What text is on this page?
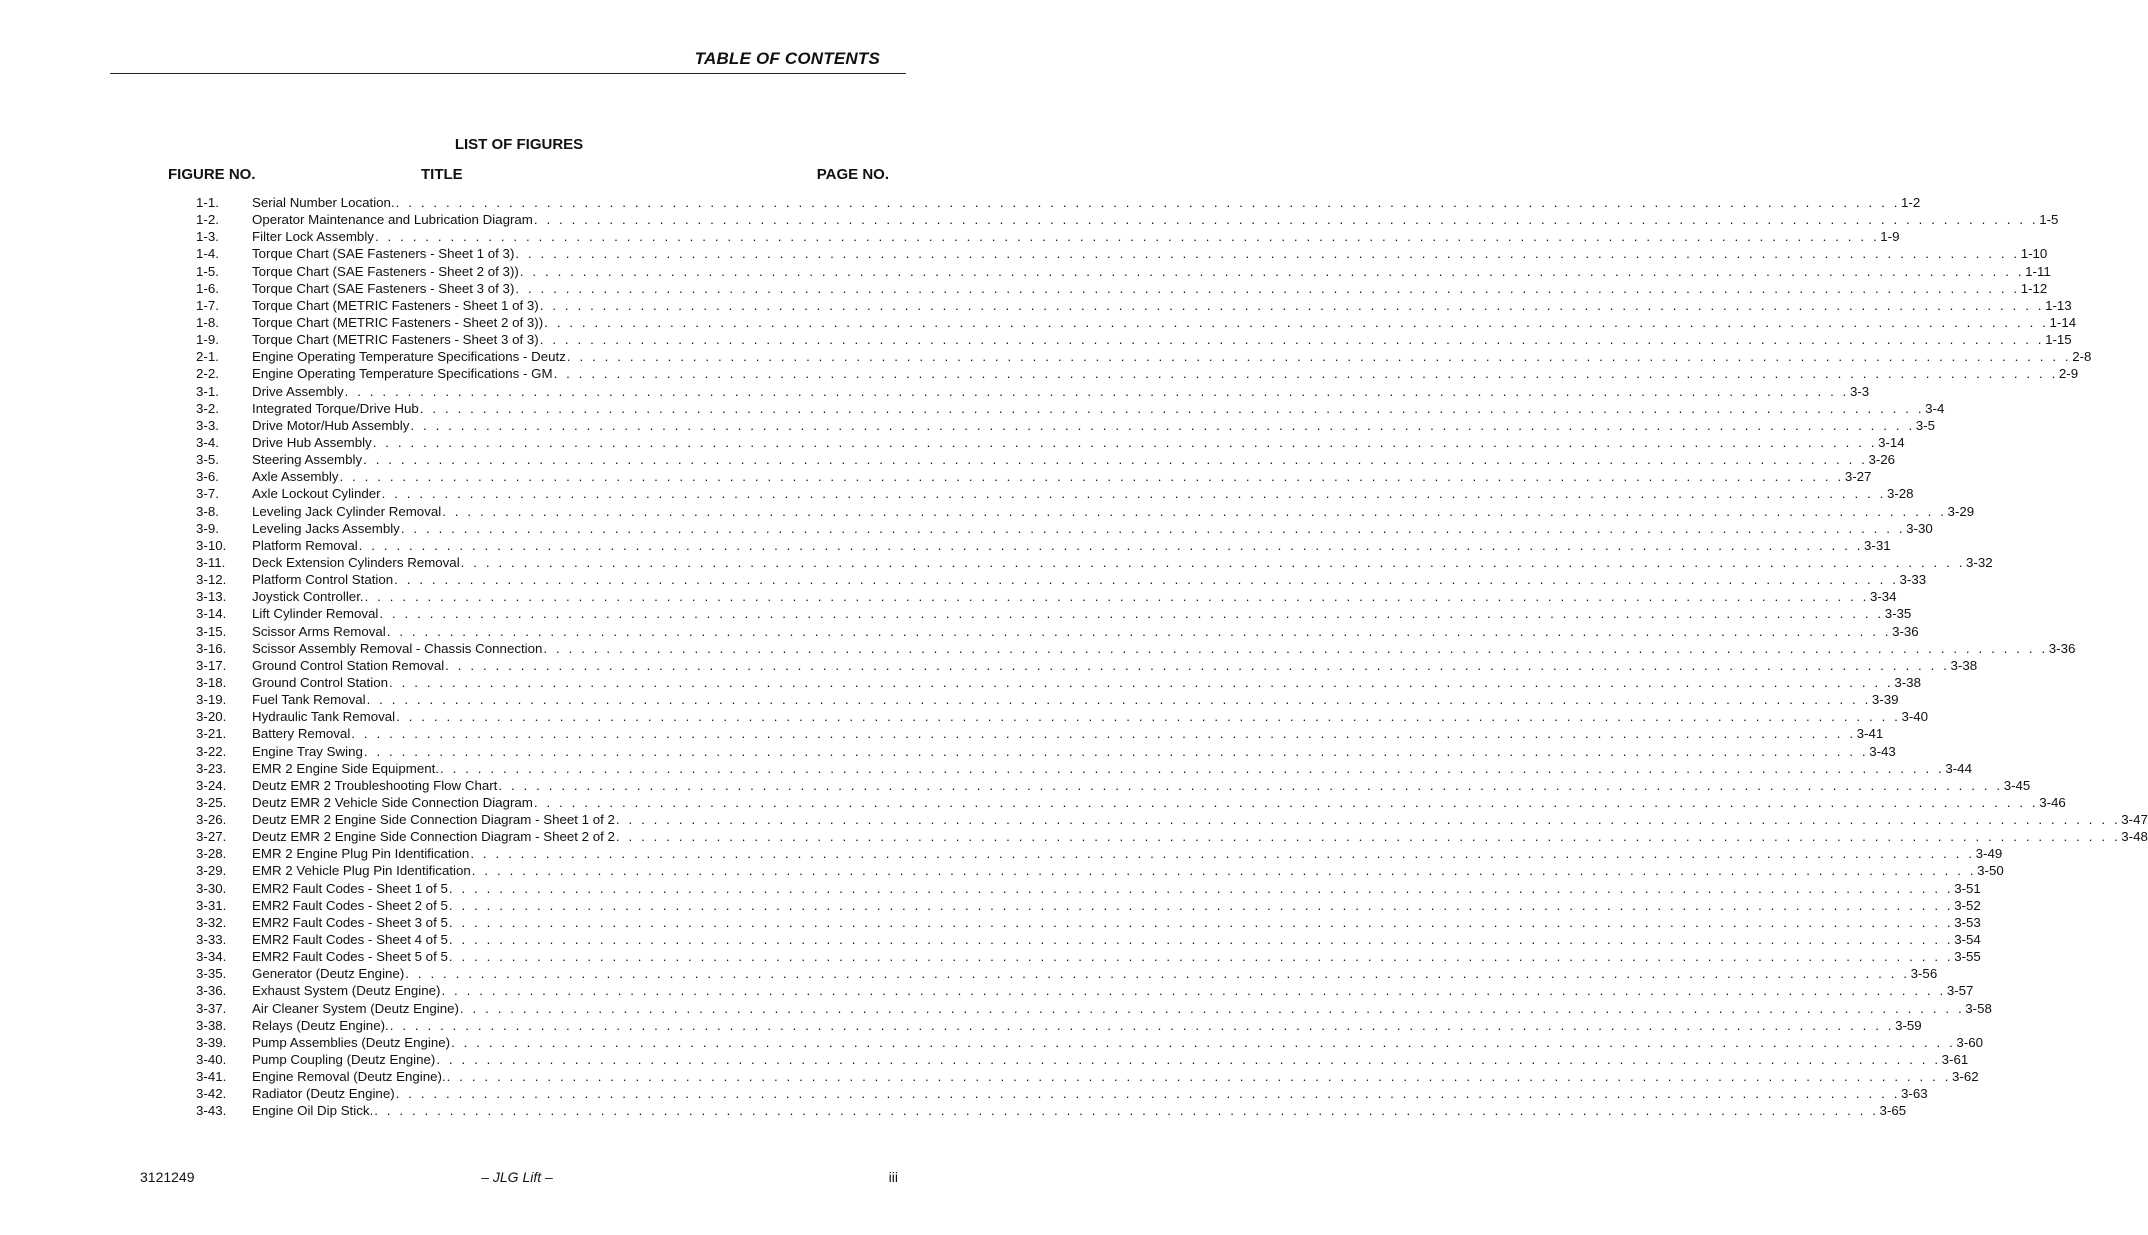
TABLE OF CONTENTS
LIST OF FIGURES
FIGURE NO.	TITLE	PAGE NO.
1-1.	Serial Number Location. . . . . . . . . . . . . . . . . . . . . . . . . . . . . . . . . . . . . . . . . . . . . . . . . . . . . . . . . . . . . . . . . . . . . . . . . . . . . . . . . . . . . . . . . . . . . . . . . . . . . . . . . . . . . . . . . . . . . . . . . 1-2
1-2.	Operator Maintenance and Lubrication Diagram . . . . . . . . . . . . . . . . . . . . . . . . . . . . . . . . . . . . . . . . . . . . . . . . . . . . . . . . . . . . . . . . . . . . . . . . . . . . . . . . . . . . . . . . . . . . . . . . . . . . . . . . . . . . . . . . . . . . . . . . 1-5
1-3.	Filter Lock Assembly . . . . . . . . . . . . . . . . . . . . . . . . . . . . . . . . . . . . . . . . . . . . . . . . . . . . . . . . . . . . . . . . . . . . . . . . . . . . . . . . . . . . . . . . . . . . . . . . . . . . . . . . . . . . . . . . . . . . . . . . 1-9
1-4.	Torque Chart (SAE Fasteners - Sheet 1 of 3) . . . . . . . . . . . . . . . . . . . . . . . . . . . . . . . . . . . . . . . . . . . . . . . . . . . . . . . . . . . . . . . . . . . . . . . . . . . . . . . . . . . . . . . . . . . . . . . . . . . . . . . . . . . . . . . . . . . . . . . . 1-10
1-5.	Torque Chart (SAE Fasteners - Sheet 2 of 3)) . . . . . . . . . . . . . . . . . . . . . . . . . . . . . . . . . . . . . . . . . . . . . . . . . . . . . . . . . . . . . . . . . . . . . . . . . . . . . . . . . . . . . . . . . . . . . . . . . . . . . . . . . . . . . . . . . . . . . . . . 1-11
1-6.	Torque Chart (SAE Fasteners - Sheet 3 of 3) . . . . . . . . . . . . . . . . . . . . . . . . . . . . . . . . . . . . . . . . . . . . . . . . . . . . . . . . . . . . . . . . . . . . . . . . . . . . . . . . . . . . . . . . . . . . . . . . . . . . . . . . . . . . . . . . . . . . . . . . 1-12
1-7.	Torque Chart (METRIC Fasteners - Sheet 1 of 3) . . . . . . . . . . . . . . . . . . . . . . . . . . . . . . . . . . . . . . . . . . . . . . . . . . . . . . . . . . . . . . . . . . . . . . . . . . . . . . . . . . . . . . . . . . . . . . . . . . . . . . . . . . . . . . . . . . . . . . . . 1-13
1-8.	Torque Chart (METRIC Fasteners - Sheet 2 of 3)) . . . . . . . . . . . . . . . . . . . . . . . . . . . . . . . . . . . . . . . . . . . . . . . . . . . . . . . . . . . . . . . . . . . . . . . . . . . . . . . . . . . . . . . . . . . . . . . . . . . . . . . . . . . . . . . . . . . . . . . . 1-14
1-9.	Torque Chart (METRIC Fasteners - Sheet 3 of 3) . . . . . . . . . . . . . . . . . . . . . . . . . . . . . . . . . . . . . . . . . . . . . . . . . . . . . . . . . . . . . . . . . . . . . . . . . . . . . . . . . . . . . . . . . . . . . . . . . . . . . . . . . . . . . . . . . . . . . . . . 1-15
2-1.	Engine Operating Temperature Specifications - Deutz . . . . . . . . . . . . . . . . . . . . . . . . . . . . . . . . . . . . . . . . . . . . . . . . . . . . . . . . . . . . . . . . . . . . . . . . . . . . . . . . . . . . . . . . . . . . . . . . . . . . . . . . . . . . . . . . . . . . . . . . 2-8
2-2.	Engine Operating Temperature Specifications - GM . . . . . . . . . . . . . . . . . . . . . . . . . . . . . . . . . . . . . . . . . . . . . . . . . . . . . . . . . . . . . . . . . . . . . . . . . . . . . . . . . . . . . . . . . . . . . . . . . . . . . . . . . . . . . . . . . . . . . . . . 2-9
3-1.	Drive Assembly . . . . . . . . . . . . . . . . . . . . . . . . . . . . . . . . . . . . . . . . . . . . . . . . . . . . . . . . . . . . . . . . . . . . . . . . . . . . . . . . . . . . . . . . . . . . . . . . . . . . . . . . . . . . . . . . . . . . . . . . 3-3
3-2.	Integrated Torque/Drive Hub . . . . . . . . . . . . . . . . . . . . . . . . . . . . . . . . . . . . . . . . . . . . . . . . . . . . . . . . . . . . . . . . . . . . . . . . . . . . . . . . . . . . . . . . . . . . . . . . . . . . . . . . . . . . . . . . . . . . . . . . 3-4
3-3.	Drive Motor/Hub Assembly . . . . . . . . . . . . . . . . . . . . . . . . . . . . . . . . . . . . . . . . . . . . . . . . . . . . . . . . . . . . . . . . . . . . . . . . . . . . . . . . . . . . . . . . . . . . . . . . . . . . . . . . . . . . . . . . . . . . . . . . 3-5
3-4.	Drive Hub Assembly . . . . . . . . . . . . . . . . . . . . . . . . . . . . . . . . . . . . . . . . . . . . . . . . . . . . . . . . . . . . . . . . . . . . . . . . . . . . . . . . . . . . . . . . . . . . . . . . . . . . . . . . . . . . . . . . . . . . . . . . 3-14
3-5.	Steering Assembly . . . . . . . . . . . . . . . . . . . . . . . . . . . . . . . . . . . . . . . . . . . . . . . . . . . . . . . . . . . . . . . . . . . . . . . . . . . . . . . . . . . . . . . . . . . . . . . . . . . . . . . . . . . . . . . . . . . . . . . . 3-26
3-6.	Axle Assembly . . . . . . . . . . . . . . . . . . . . . . . . . . . . . . . . . . . . . . . . . . . . . . . . . . . . . . . . . . . . . . . . . . . . . . . . . . . . . . . . . . . . . . . . . . . . . . . . . . . . . . . . . . . . . . . . . . . . . . . . 3-27
3-7.	Axle Lockout Cylinder . . . . . . . . . . . . . . . . . . . . . . . . . . . . . . . . . . . . . . . . . . . . . . . . . . . . . . . . . . . . . . . . . . . . . . . . . . . . . . . . . . . . . . . . . . . . . . . . . . . . . . . . . . . . . . . . . . . . . . . . 3-28
3-8.	Leveling Jack Cylinder Removal . . . . . . . . . . . . . . . . . . . . . . . . . . . . . . . . . . . . . . . . . . . . . . . . . . . . . . . . . . . . . . . . . . . . . . . . . . . . . . . . . . . . . . . . . . . . . . . . . . . . . . . . . . . . . . . . . . . . . . . . 3-29
3-9.	Leveling Jacks Assembly . . . . . . . . . . . . . . . . . . . . . . . . . . . . . . . . . . . . . . . . . . . . . . . . . . . . . . . . . . . . . . . . . . . . . . . . . . . . . . . . . . . . . . . . . . . . . . . . . . . . . . . . . . . . . . . . . . . . . . . . 3-30
3-10.	Platform Removal . . . . . . . . . . . . . . . . . . . . . . . . . . . . . . . . . . . . . . . . . . . . . . . . . . . . . . . . . . . . . . . . . . . . . . . . . . . . . . . . . . . . . . . . . . . . . . . . . . . . . . . . . . . . . . . . . . . . . . . . 3-31
3-11.	Deck Extension Cylinders Removal . . . . . . . . . . . . . . . . . . . . . . . . . . . . . . . . . . . . . . . . . . . . . . . . . . . . . . . . . . . . . . . . . . . . . . . . . . . . . . . . . . . . . . . . . . . . . . . . . . . . . . . . . . . . . . . . . . . . . . . . 3-32
3-12.	Platform Control Station . . . . . . . . . . . . . . . . . . . . . . . . . . . . . . . . . . . . . . . . . . . . . . . . . . . . . . . . . . . . . . . . . . . . . . . . . . . . . . . . . . . . . . . . . . . . . . . . . . . . . . . . . . . . . . . . . . . . . . . . 3-33
3-13.	Joystick Controller. . . . . . . . . . . . . . . . . . . . . . . . . . . . . . . . . . . . . . . . . . . . . . . . . . . . . . . . . . . . . . . . . . . . . . . . . . . . . . . . . . . . . . . . . . . . . . . . . . . . . . . . . . . . . . . . . . . . . . . . . 3-34
3-14.	Lift Cylinder Removal . . . . . . . . . . . . . . . . . . . . . . . . . . . . . . . . . . . . . . . . . . . . . . . . . . . . . . . . . . . . . . . . . . . . . . . . . . . . . . . . . . . . . . . . . . . . . . . . . . . . . . . . . . . . . . . . . . . . . . . . 3-35
3-15.	Scissor Arms Removal . . . . . . . . . . . . . . . . . . . . . . . . . . . . . . . . . . . . . . . . . . . . . . . . . . . . . . . . . . . . . . . . . . . . . . . . . . . . . . . . . . . . . . . . . . . . . . . . . . . . . . . . . . . . . . . . . . . . . . . . 3-36
3-16.	Scissor Assembly Removal - Chassis Connection . . . . . . . . . . . . . . . . . . . . . . . . . . . . . . . . . . . . . . . . . . . . . . . . . . . . . . . . . . . . . . . . . . . . . . . . . . . . . . . . . . . . . . . . . . . . . . . . . . . . . . . . . . . . . . . . . . . . . . . . 3-36
3-17.	Ground Control Station Removal . . . . . . . . . . . . . . . . . . . . . . . . . . . . . . . . . . . . . . . . . . . . . . . . . . . . . . . . . . . . . . . . . . . . . . . . . . . . . . . . . . . . . . . . . . . . . . . . . . . . . . . . . . . . . . . . . . . . . . . . 3-38
3-18.	Ground Control Station . . . . . . . . . . . . . . . . . . . . . . . . . . . . . . . . . . . . . . . . . . . . . . . . . . . . . . . . . . . . . . . . . . . . . . . . . . . . . . . . . . . . . . . . . . . . . . . . . . . . . . . . . . . . . . . . . . . . . . . . 3-38
3-19.	Fuel Tank Removal . . . . . . . . . . . . . . . . . . . . . . . . . . . . . . . . . . . . . . . . . . . . . . . . . . . . . . . . . . . . . . . . . . . . . . . . . . . . . . . . . . . . . . . . . . . . . . . . . . . . . . . . . . . . . . . . . . . . . . . . 3-39
3-20.	Hydraulic Tank Removal . . . . . . . . . . . . . . . . . . . . . . . . . . . . . . . . . . . . . . . . . . . . . . . . . . . . . . . . . . . . . . . . . . . . . . . . . . . . . . . . . . . . . . . . . . . . . . . . . . . . . . . . . . . . . . . . . . . . . . . . 3-40
3-21.	Battery Removal . . . . . . . . . . . . . . . . . . . . . . . . . . . . . . . . . . . . . . . . . . . . . . . . . . . . . . . . . . . . . . . . . . . . . . . . . . . . . . . . . . . . . . . . . . . . . . . . . . . . . . . . . . . . . . . . . . . . . . . . 3-41
3-22.	Engine Tray Swing . . . . . . . . . . . . . . . . . . . . . . . . . . . . . . . . . . . . . . . . . . . . . . . . . . . . . . . . . . . . . . . . . . . . . . . . . . . . . . . . . . . . . . . . . . . . . . . . . . . . . . . . . . . . . . . . . . . . . . . . 3-43
3-23.	EMR 2 Engine Side Equipment. . . . . . . . . . . . . . . . . . . . . . . . . . . . . . . . . . . . . . . . . . . . . . . . . . . . . . . . . . . . . . . . . . . . . . . . . . . . . . . . . . . . . . . . . . . . . . . . . . . . . . . . . . . . . . . . . . . . . . . . . 3-44
3-24.	Deutz EMR 2 Troubleshooting Flow Chart . . . . . . . . . . . . . . . . . . . . . . . . . . . . . . . . . . . . . . . . . . . . . . . . . . . . . . . . . . . . . . . . . . . . . . . . . . . . . . . . . . . . . . . . . . . . . . . . . . . . . . . . . . . . . . . . . . . . . . . . 3-45
3-25.	Deutz EMR 2 Vehicle Side Connection Diagram . . . . . . . . . . . . . . . . . . . . . . . . . . . . . . . . . . . . . . . . . . . . . . . . . . . . . . . . . . . . . . . . . . . . . . . . . . . . . . . . . . . . . . . . . . . . . . . . . . . . . . . . . . . . . . . . . . . . . . . . 3-46
3-26.	Deutz EMR 2 Engine Side Connection Diagram - Sheet 1 of 2 . . . . . . . . . . . . . . . . . . . . . . . . . . . . . . . . . . . . . . . . . . . . . . . . . . . . . . . . . . . . . . . . . . . . . . . . . . . . . . . . . . . . . . . . . . . . . . . . . . . . . . . . . . . . . . . . . . . . . . . . 3-47
3-27.	Deutz EMR 2 Engine Side Connection Diagram - Sheet 2 of 2 . . . . . . . . . . . . . . . . . . . . . . . . . . . . . . . . . . . . . . . . . . . . . . . . . . . . . . . . . . . . . . . . . . . . . . . . . . . . . . . . . . . . . . . . . . . . . . . . . . . . . . . . . . . . . . . . . . . . . . . . 3-48
3-28.	EMR 2 Engine Plug Pin Identification . . . . . . . . . . . . . . . . . . . . . . . . . . . . . . . . . . . . . . . . . . . . . . . . . . . . . . . . . . . . . . . . . . . . . . . . . . . . . . . . . . . . . . . . . . . . . . . . . . . . . . . . . . . . . . . . . . . . . . . . 3-49
3-29.	EMR 2 Vehicle Plug Pin Identification . . . . . . . . . . . . . . . . . . . . . . . . . . . . . . . . . . . . . . . . . . . . . . . . . . . . . . . . . . . . . . . . . . . . . . . . . . . . . . . . . . . . . . . . . . . . . . . . . . . . . . . . . . . . . . . . . . . . . . . . 3-50
3-30.	EMR2 Fault Codes - Sheet 1 of 5 . . . . . . . . . . . . . . . . . . . . . . . . . . . . . . . . . . . . . . . . . . . . . . . . . . . . . . . . . . . . . . . . . . . . . . . . . . . . . . . . . . . . . . . . . . . . . . . . . . . . . . . . . . . . . . . . . . . . . . . . 3-51
3-31.	EMR2 Fault Codes - Sheet 2 of 5 . . . . . . . . . . . . . . . . . . . . . . . . . . . . . . . . . . . . . . . . . . . . . . . . . . . . . . . . . . . . . . . . . . . . . . . . . . . . . . . . . . . . . . . . . . . . . . . . . . . . . . . . . . . . . . . . . . . . . . . . 3-52
3-32.	EMR2 Fault Codes - Sheet 3 of 5 . . . . . . . . . . . . . . . . . . . . . . . . . . . . . . . . . . . . . . . . . . . . . . . . . . . . . . . . . . . . . . . . . . . . . . . . . . . . . . . . . . . . . . . . . . . . . . . . . . . . . . . . . . . . . . . . . . . . . . . . 3-53
3-33.	EMR2 Fault Codes - Sheet 4 of 5 . . . . . . . . . . . . . . . . . . . . . . . . . . . . . . . . . . . . . . . . . . . . . . . . . . . . . . . . . . . . . . . . . . . . . . . . . . . . . . . . . . . . . . . . . . . . . . . . . . . . . . . . . . . . . . . . . . . . . . . . 3-54
3-34.	EMR2 Fault Codes - Sheet 5 of 5 . . . . . . . . . . . . . . . . . . . . . . . . . . . . . . . . . . . . . . . . . . . . . . . . . . . . . . . . . . . . . . . . . . . . . . . . . . . . . . . . . . . . . . . . . . . . . . . . . . . . . . . . . . . . . . . . . . . . . . . . 3-55
3-35.	Generator (Deutz Engine) . . . . . . . . . . . . . . . . . . . . . . . . . . . . . . . . . . . . . . . . . . . . . . . . . . . . . . . . . . . . . . . . . . . . . . . . . . . . . . . . . . . . . . . . . . . . . . . . . . . . . . . . . . . . . . . . . . . . . . . . 3-56
3-36.	Exhaust System (Deutz Engine) . . . . . . . . . . . . . . . . . . . . . . . . . . . . . . . . . . . . . . . . . . . . . . . . . . . . . . . . . . . . . . . . . . . . . . . . . . . . . . . . . . . . . . . . . . . . . . . . . . . . . . . . . . . . . . . . . . . . . . . . 3-57
3-37.	Air Cleaner System (Deutz Engine) . . . . . . . . . . . . . . . . . . . . . . . . . . . . . . . . . . . . . . . . . . . . . . . . . . . . . . . . . . . . . . . . . . . . . . . . . . . . . . . . . . . . . . . . . . . . . . . . . . . . . . . . . . . . . . . . . . . . . . . . 3-58
3-38.	Relays (Deutz Engine). . . . . . . . . . . . . . . . . . . . . . . . . . . . . . . . . . . . . . . . . . . . . . . . . . . . . . . . . . . . . . . . . . . . . . . . . . . . . . . . . . . . . . . . . . . . . . . . . . . . . . . . . . . . . . . . . . . . . . . . . 3-59
3-39.	Pump Assemblies (Deutz Engine) . . . . . . . . . . . . . . . . . . . . . . . . . . . . . . . . . . . . . . . . . . . . . . . . . . . . . . . . . . . . . . . . . . . . . . . . . . . . . . . . . . . . . . . . . . . . . . . . . . . . . . . . . . . . . . . . . . . . . . . . 3-60
3-40.	Pump Coupling (Deutz Engine) . . . . . . . . . . . . . . . . . . . . . . . . . . . . . . . . . . . . . . . . . . . . . . . . . . . . . . . . . . . . . . . . . . . . . . . . . . . . . . . . . . . . . . . . . . . . . . . . . . . . . . . . . . . . . . . . . . . . . . . . 3-61
3-41.	Engine Removal (Deutz Engine). . . . . . . . . . . . . . . . . . . . . . . . . . . . . . . . . . . . . . . . . . . . . . . . . . . . . . . . . . . . . . . . . . . . . . . . . . . . . . . . . . . . . . . . . . . . . . . . . . . . . . . . . . . . . . . . . . . . . . . . . 3-62
3-42.	Radiator (Deutz Engine) . . . . . . . . . . . . . . . . . . . . . . . . . . . . . . . . . . . . . . . . . . . . . . . . . . . . . . . . . . . . . . . . . . . . . . . . . . . . . . . . . . . . . . . . . . . . . . . . . . . . . . . . . . . . . . . . . . . . . . . . 3-63
3-43.	Engine Oil Dip Stick. . . . . . . . . . . . . . . . . . . . . . . . . . . . . . . . . . . . . . . . . . . . . . . . . . . . . . . . . . . . . . . . . . . . . . . . . . . . . . . . . . . . . . . . . . . . . . . . . . . . . . . . . . . . . . . . . . . . . . . . . 3-65
3121249	– JLG Lift –	iii
